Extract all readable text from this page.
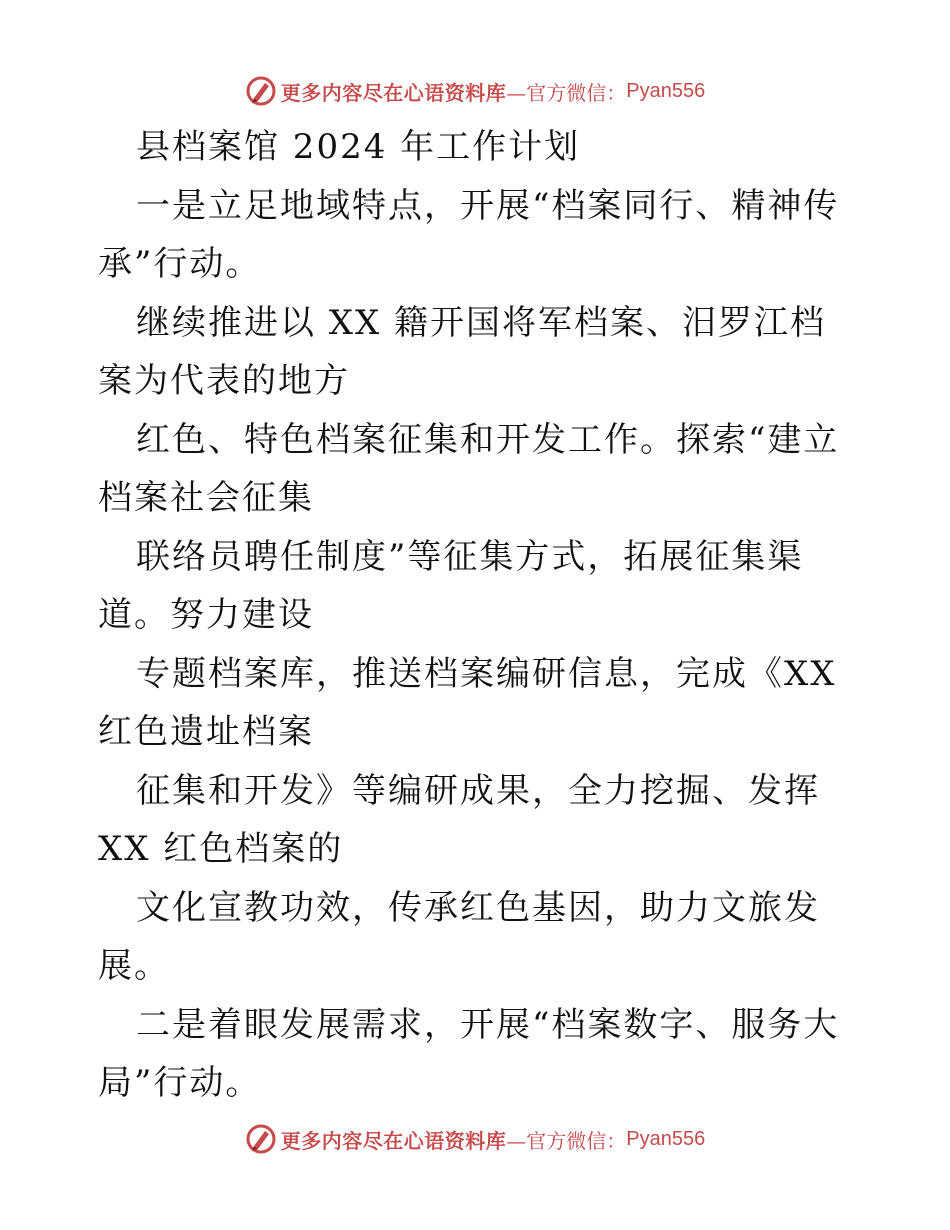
更多内容尽在心语资料库 —官方微信： Pyan556

县档案馆 2024 年工作计划

一是立足地域特点，开展“档案同行、精神传承”行动。

继续推进以 XX 籍开国将军档案、汨罗江档案为代表的地方

红色、特色档案征集和开发工作。探索“建立档案社会征集

联络员聘任制度”等征集方式，拓展征集渠道。努力建设

专题档案库，推送档案编研信息，完成《XX 红色遗址档案

征集和开发》等编研成果，全力挖掘、发挥 XX 红色档案的

文化宣教功效，传承红色基因，助力文旅发展。

二是着眼发展需求，开展“档案数字、服务大局”行动。

更多内容尽在心语资料库 —官方微信： Pyan556
